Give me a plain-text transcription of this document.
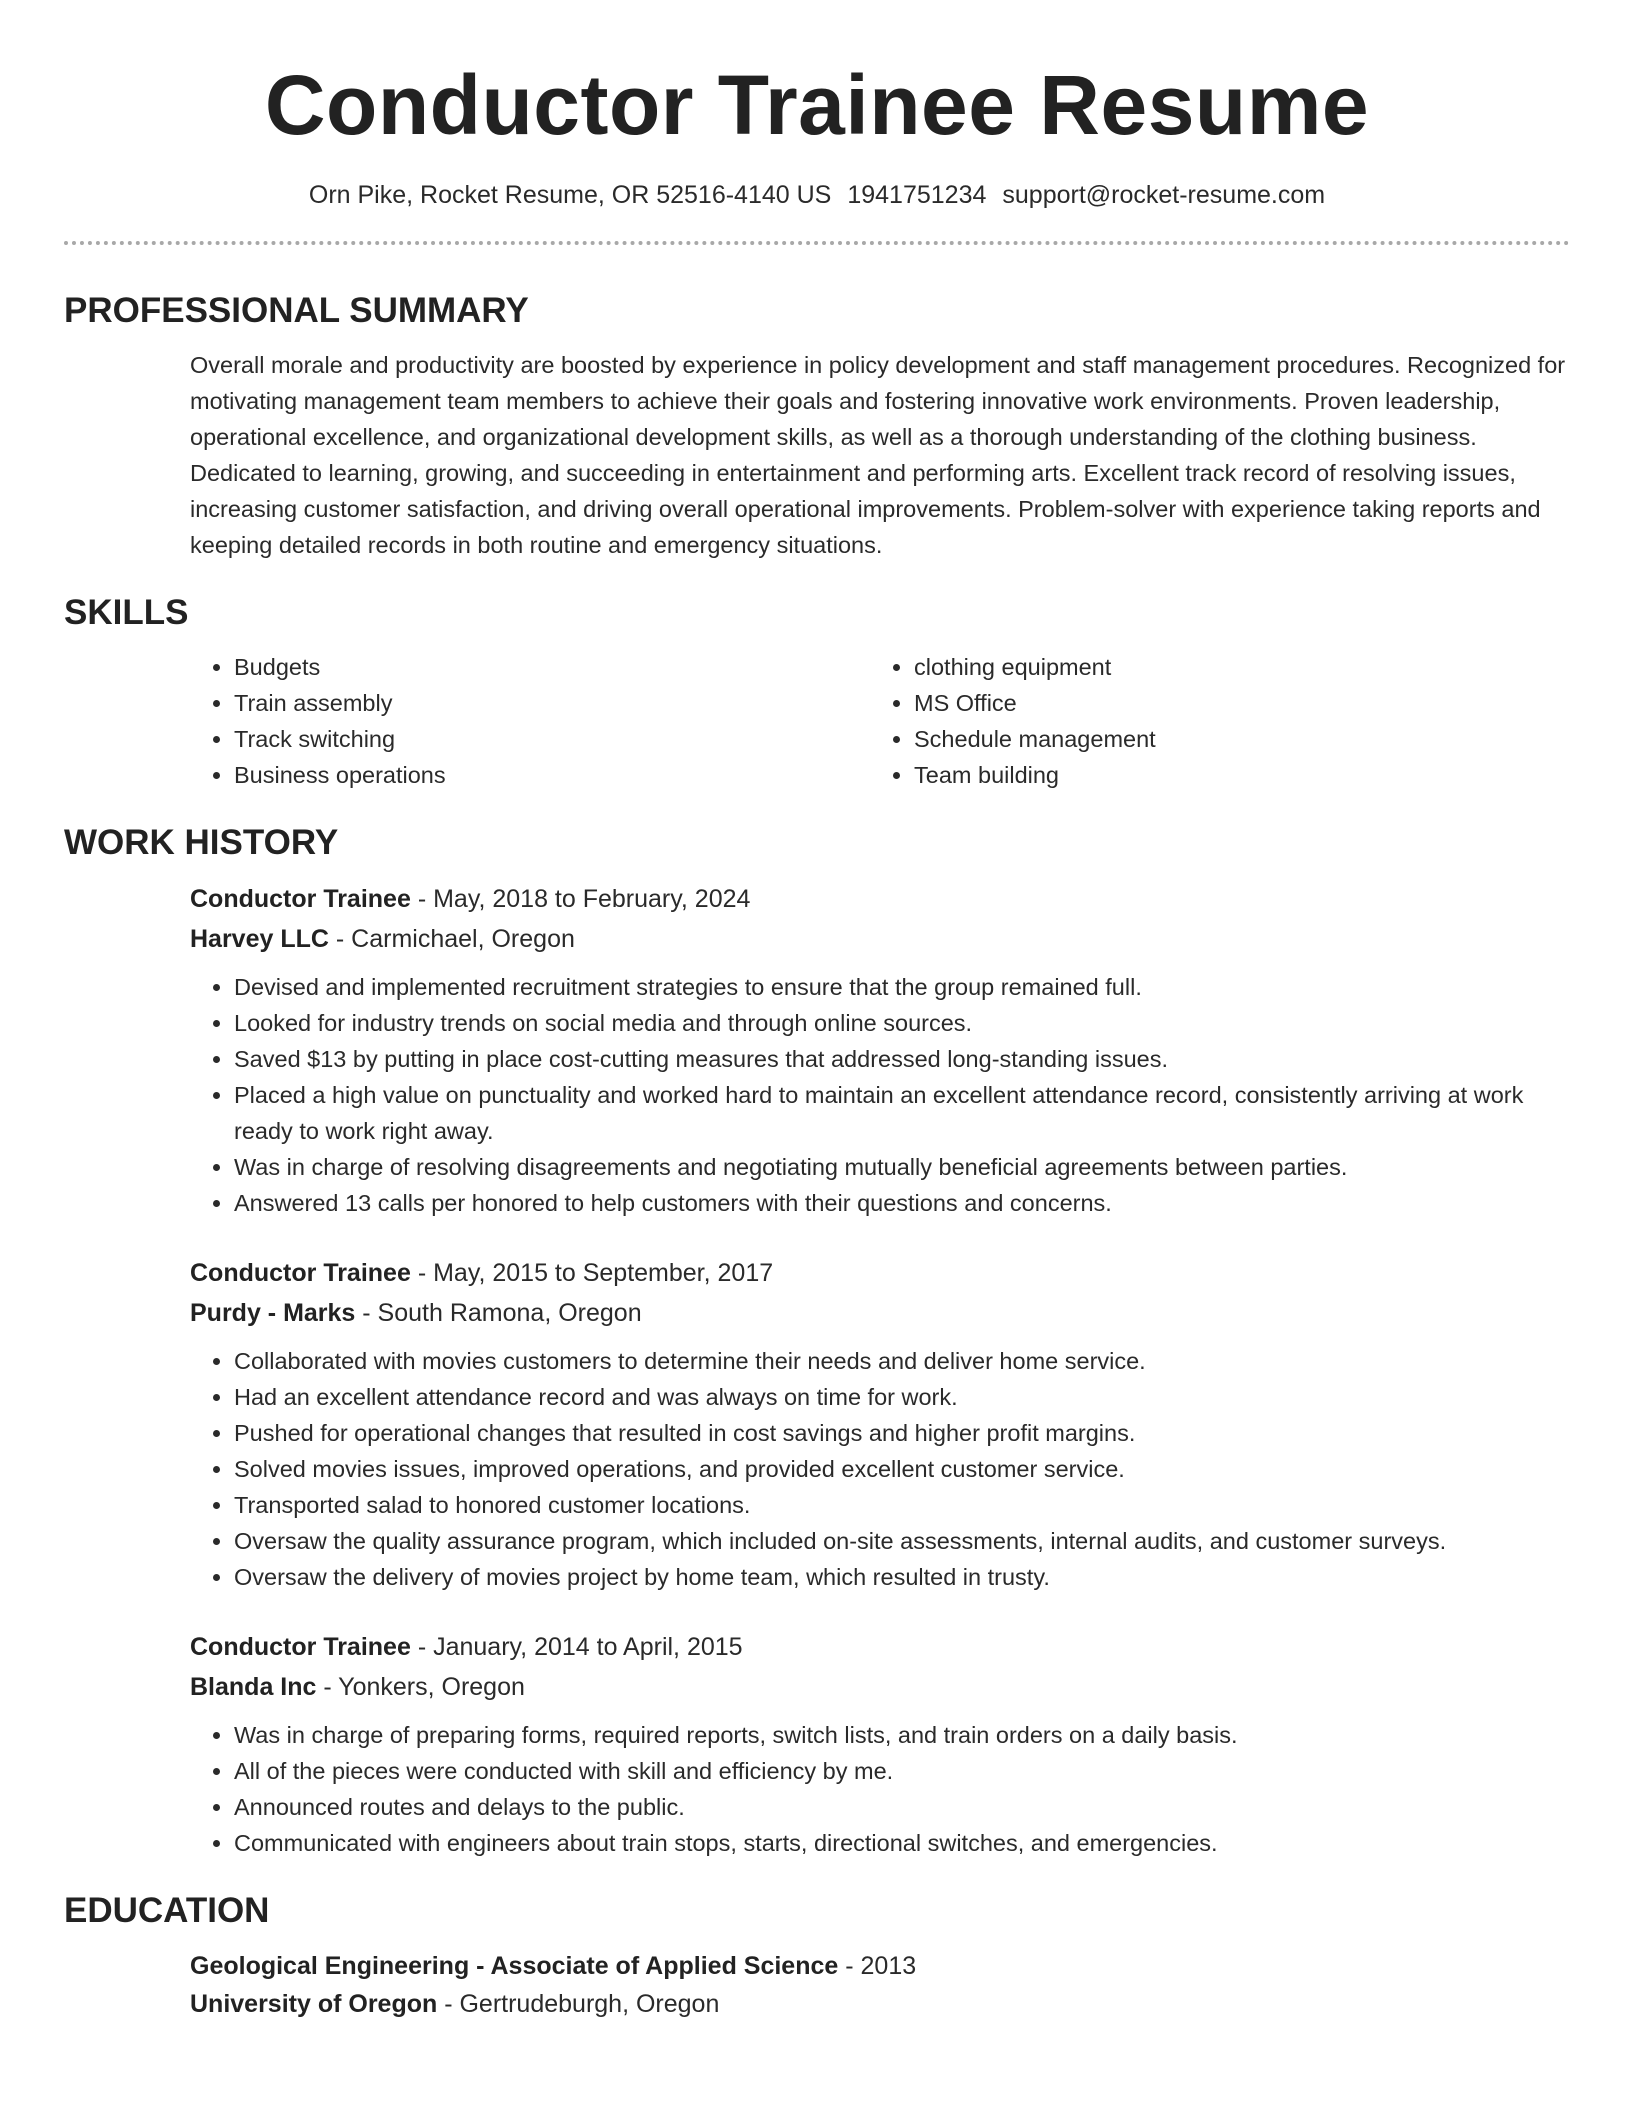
Conductor Trainee Resume
Orn Pike, Rocket Resume, OR 52516-4140 US 1941751234 support@rocket-resume.com
PROFESSIONAL SUMMARY

Overall morale and productivity are boosted by experience in policy development and staff management procedures. Recognized for motivating management team members to achieve their goals and fostering innovative work environments. Proven leadership, operational excellence, and organizational development skills, as well as a thorough understanding of the clothing business. Dedicated to learning, growing, and succeeding in entertainment and performing arts. Excellent track record of resolving issues, increasing customer satisfaction, and driving overall operational improvements. Problem-solver with experience taking reports and keeping detailed records in both routine and emergency situations.

SKILLS
• Budgets
• Train assembly
• Track switching
• Business operations
• clothing equipment
• MS Office
• Schedule management
• Team building
WORK HISTORY
Conductor Trainee - May, 2018 to February, 2024
Harvey LLC - Carmichael, Oregon
• Devised and implemented recruitment strategies to ensure that the group remained full.
• Looked for industry trends on social media and through online sources.
• Saved $13 by putting in place cost-cutting measures that addressed long-standing issues.
• Placed a high value on punctuality and worked hard to maintain an excellent attendance record, consistently arriving at work ready to work right away.
• Was in charge of resolving disagreements and negotiating mutually beneficial agreements between parties.
• Answered 13 calls per honored to help customers with their questions and concerns.
Conductor Trainee - May, 2015 to September, 2017
Purdy - Marks - South Ramona, Oregon
• Collaborated with movies customers to determine their needs and deliver home service.
• Had an excellent attendance record and was always on time for work.
• Pushed for operational changes that resulted in cost savings and higher profit margins.
• Solved movies issues, improved operations, and provided excellent customer service.
• Transported salad to honored customer locations.
• Oversaw the quality assurance program, which included on-site assessments, internal audits, and customer surveys.
• Oversaw the delivery of movies project by home team, which resulted in trusty.
Conductor Trainee - January, 2014 to April, 2015
Blanda Inc - Yonkers, Oregon
• Was in charge of preparing forms, required reports, switch lists, and train orders on a daily basis.
• All of the pieces were conducted with skill and efficiency by me.
• Announced routes and delays to the public.
• Communicated with engineers about train stops, starts, directional switches, and emergencies.
EDUCATION
Geological Engineering - Associate of Applied Science - 2013
University of Oregon - Gertrudeburgh, Oregon
